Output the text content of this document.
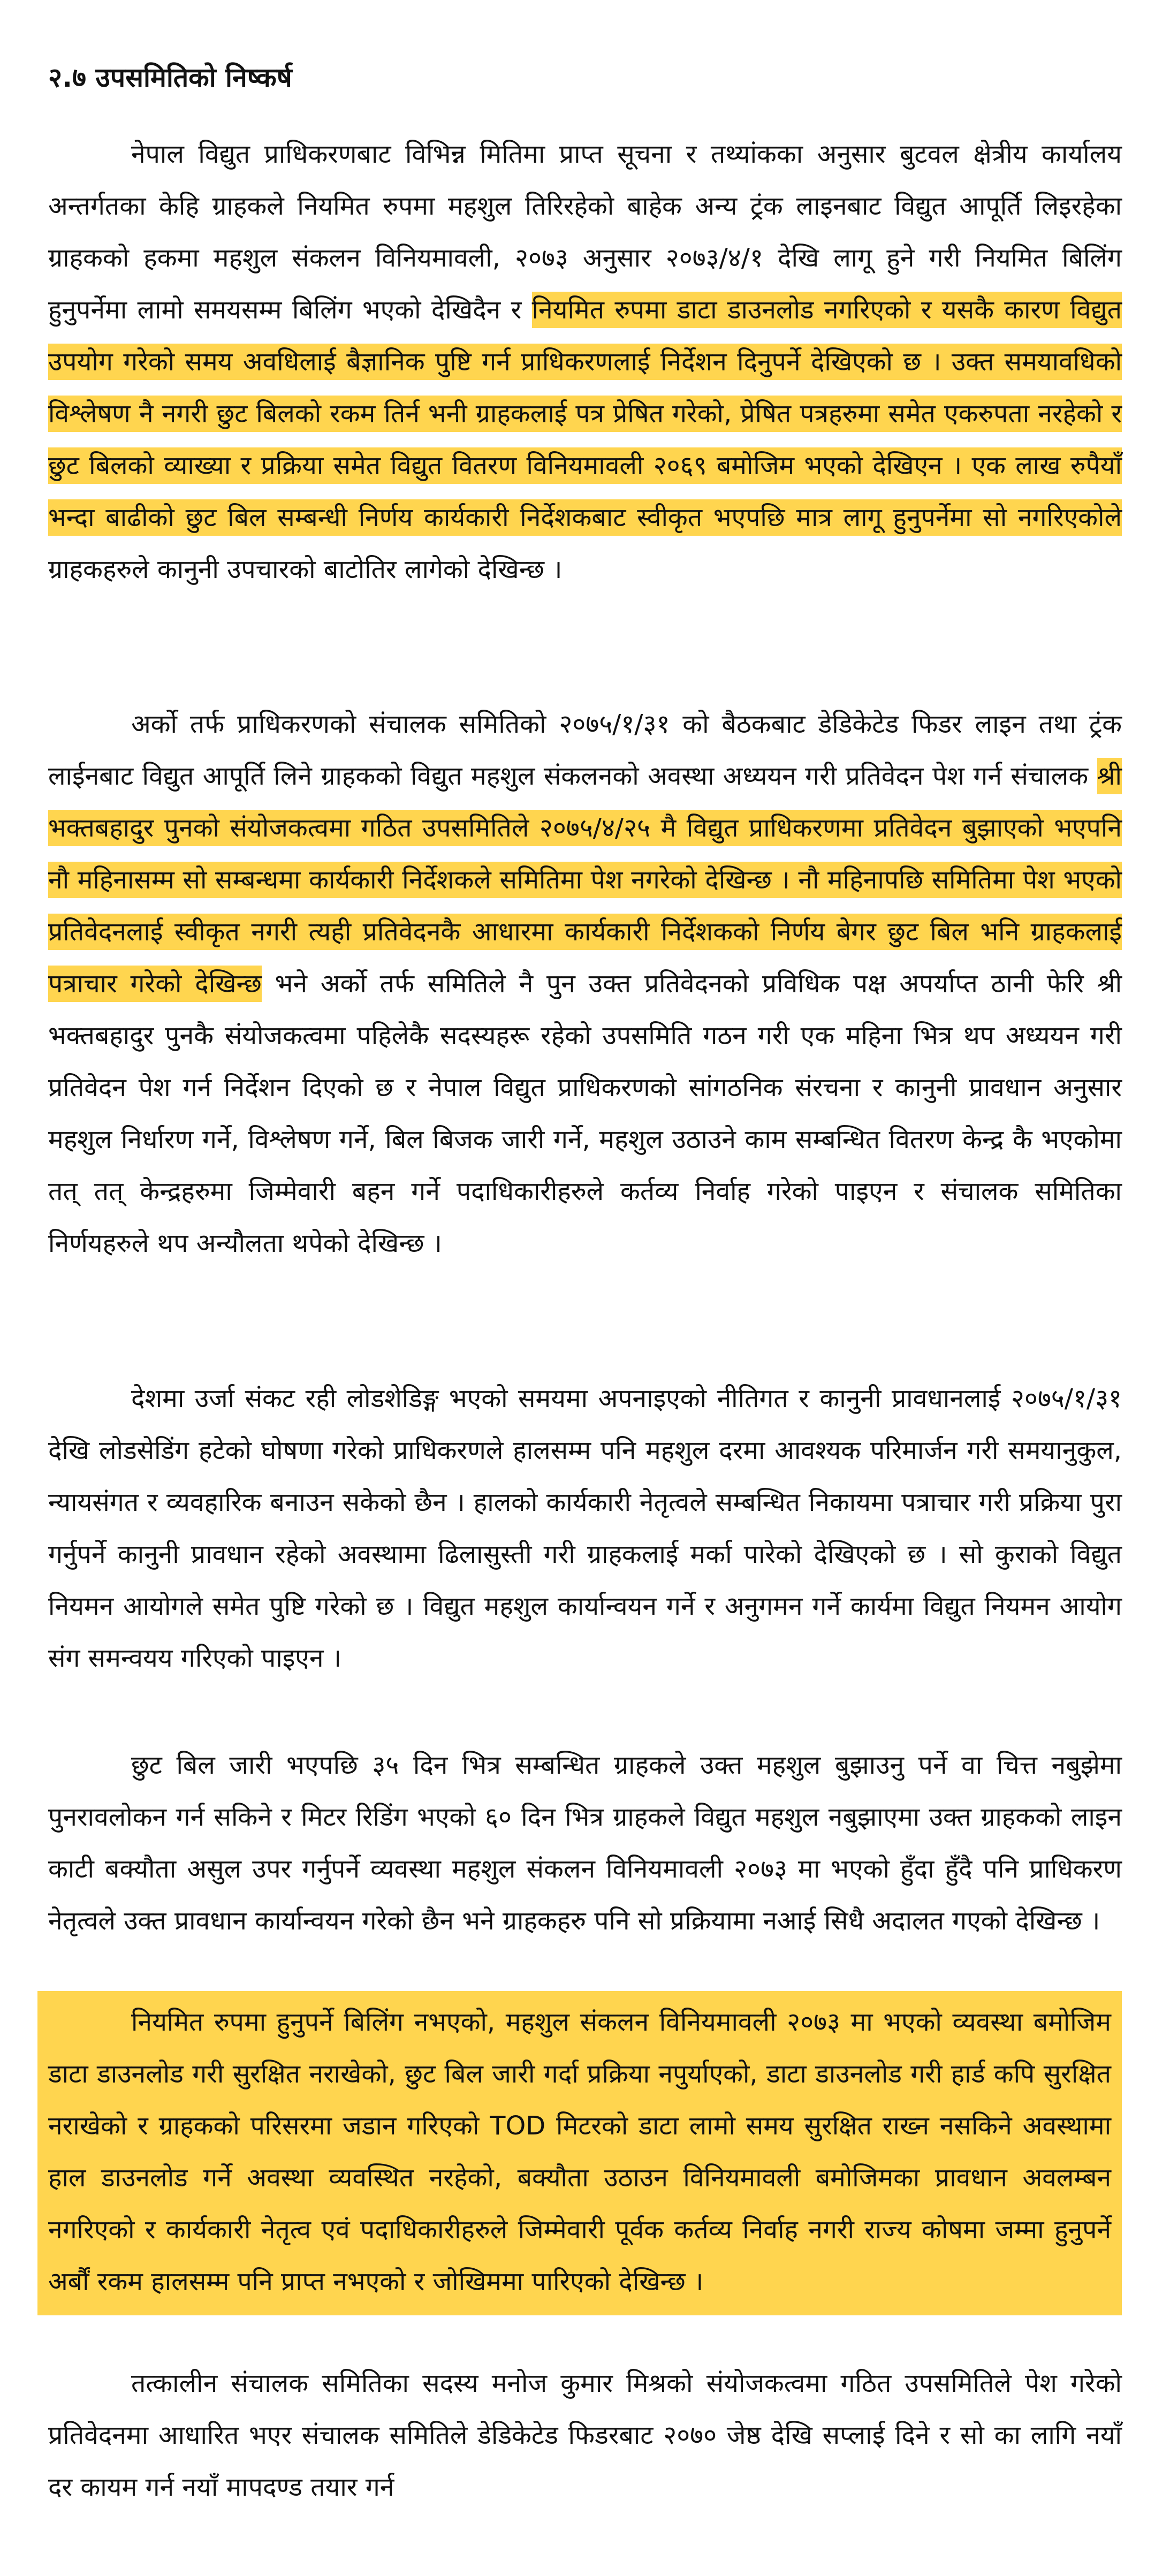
२.७ उपसमितिको निष्कर्ष

नेपाल विद्युत प्राधिकरणबाट विभिन्न मितिमा प्राप्त सूचना र तथ्यांकका अनुसार बुटवल क्षेत्रीय कार्यालय अन्तर्गतका केहि ग्राहकले नियमित रुपमा महशुल तिरिरहेको बाहेक अन्य ट्रंक लाइनबाट विद्युत आपूर्ति लिइरहेका ग्राहकको हकमा महशुल संकलन विनियमावली, २०७३ अनुसार २०७३/४/१ देखि लागू हुने गरी नियमित बिलिंग हुनुपर्नेमा लामो समयसम्म बिलिंग भएको देखिदैन र नियमित रुपमा डाटा डाउनलोड नगरिएको र यसकै कारण विद्युत उपयोग गरेको समय अवधिलाई बैज्ञानिक पुष्टि गर्न प्राधिकरणलाई निर्देशन दिनुपर्ने देखिएको छ । उक्त समयावधिको विश्लेषण नै नगरी छुट बिलको रकम तिर्न भनी ग्राहकलाई पत्र प्रेषित गरेको, प्रेषित पत्रहरुमा समेत एकरुपता नरहेको र छुट बिलको व्याख्या र प्रक्रिया समेत विद्युत वितरण विनियमावली २०६९ बमोजिम भएको देखिएन । एक लाख रुपैयाँ भन्दा बाढीको छुट बिल सम्बन्धी निर्णय कार्यकारी निर्देशकबाट स्वीकृत भएपछि मात्र लागू हुनुपर्नेमा सो नगरिएकोले ग्राहकहरुले कानुनी उपचारको बाटोतिर लागेको देखिन्छ ।

अर्को तर्फ प्राधिकरणको संचालक समितिको २०७५/१/३१ को बैठकबाट डेडिकेटेड फिडर लाइन तथा ट्रंक लाईनबाट विद्युत आपूर्ति लिने ग्राहकको विद्युत महशुल संकलनको अवस्था अध्ययन गरी प्रतिवेदन पेश गर्न संचालक श्री भक्तबहादुर पुनको संयोजकत्वमा गठित उपसमितिले २०७५/४/२५ मै विद्युत प्राधिकरणमा प्रतिवेदन बुझाएको भएपनि नौ महिनासम्म सो सम्बन्धमा कार्यकारी निर्देशकले समितिमा पेश नगरेको देखिन्छ । नौ महिनापछि समितिमा पेश भएको प्रतिवेदनलाई स्वीकृत नगरी त्यही प्रतिवेदनकै आधारमा कार्यकारी निर्देशकको निर्णय बेगर छुट बिल भनि ग्राहकलाई पत्राचार गरेको देखिन्छ भने अर्को तर्फ समितिले नै पुन उक्त प्रतिवेदनको प्रविधिक पक्ष अपर्याप्त ठानी फेरि श्री भक्तबहादुर पुनकै संयोजकत्वमा पहिलेकै सदस्यहरू रहेको उपसमिति गठन गरी एक महिना भित्र थप अध्ययन गरी प्रतिवेदन पेश गर्न निर्देशन दिएको छ र नेपाल विद्युत प्राधिकरणको सांगठनिक संरचना र कानुनी प्रावधान अनुसार महशुल निर्धारण गर्ने, विश्लेषण गर्ने, बिल बिजक जारी गर्ने, महशुल उठाउने काम सम्बन्धित वितरण केन्द्र कै भएकोमा तत् तत् केन्द्रहरुमा जिम्मेवारी बहन गर्ने पदाधिकारीहरुले कर्तव्य निर्वाह गरेको पाइएन र संचालक समितिका निर्णयहरुले थप अन्यौलता थपेको देखिन्छ ।

देशमा उर्जा संकट रही लोडशेडिङ्ग भएको समयमा अपनाइएको नीतिगत र कानुनी प्रावधानलाई २०७५/१/३१ देखि लोडसेडिंग हटेको घोषणा गरेको प्राधिकरणले हालसम्म पनि महशुल दरमा आवश्यक परिमार्जन गरी समयानुकुल, न्यायसंगत र व्यवहारिक बनाउन सकेको छैन । हालको कार्यकारी नेतृत्वले सम्बन्धित निकायमा पत्राचार गरी प्रक्रिया पुरा गर्नुपर्ने कानुनी प्रावधान रहेको अवस्थामा ढिलासुस्ती गरी ग्राहकलाई मर्का पारेको देखिएको छ । सो कुराको विद्युत नियमन आयोगले समेत पुष्टि गरेको छ । विद्युत महशुल कार्यान्वयन गर्ने र अनुगमन गर्ने कार्यमा विद्युत नियमन आयोग संग समन्वयय गरिएको पाइएन ।

छुट बिल जारी भएपछि ३५ दिन भित्र सम्बन्धित ग्राहकले उक्त महशुल बुझाउनु पर्ने वा चित्त नबुझेमा पुनरावलोकन गर्न सकिने र मिटर रिडिंग भएको ६० दिन भित्र ग्राहकले विद्युत महशुल नबुझाएमा उक्त ग्राहकको लाइन काटी बक्यौता असुल उपर गर्नुपर्ने व्यवस्था महशुल संकलन विनियमावली २०७३ मा भएको हुँदा हुँदै पनि प्राधिकरण नेतृत्वले उक्त प्रावधान कार्यान्वयन गरेको छैन भने ग्राहकहरु पनि सो प्रक्रियामा नआई सिधै अदालत गएको देखिन्छ ।

नियमित रुपमा हुनुपर्ने बिलिंग नभएको, महशुल संकलन विनियमावली २०७३ मा भएको व्यवस्था बमोजिम डाटा डाउनलोड गरी सुरक्षित नराखेको, छुट बिल जारी गर्दा प्रक्रिया नपुर्याएको, डाटा डाउनलोड गरी हार्ड कपि सुरक्षित नराखेको र ग्राहकको परिसरमा जडान गरिएको TOD मिटरको डाटा लामो समय सुरक्षित राख्न नसकिने अवस्थामा हाल डाउनलोड गर्ने अवस्था व्यवस्थित नरहेको, बक्यौता उठाउन विनियमावली बमोजिमका प्रावधान अवलम्बन नगरिएको र कार्यकारी नेतृत्व एवं पदाधिकारीहरुले जिम्मेवारी पूर्वक कर्तव्य निर्वाह नगरी राज्य कोषमा जम्मा हुनुपर्ने अर्बौं रकम हालसम्म पनि प्राप्त नभएको र जोखिममा पारिएको देखिन्छ ।

तत्कालीन संचालक समितिका सदस्य मनोज कुमार मिश्रको संयोजकत्वमा गठित उपसमितिले पेश गरेको प्रतिवेदनमा आधारित भएर संचालक समितिले डेडिकेटेड फिडरबाट २०७० जेष्ठ देखि सप्लाई दिने र सो का लागि नयाँ दर कायम गर्न नयाँ मापदण्ड तयार गर्न
